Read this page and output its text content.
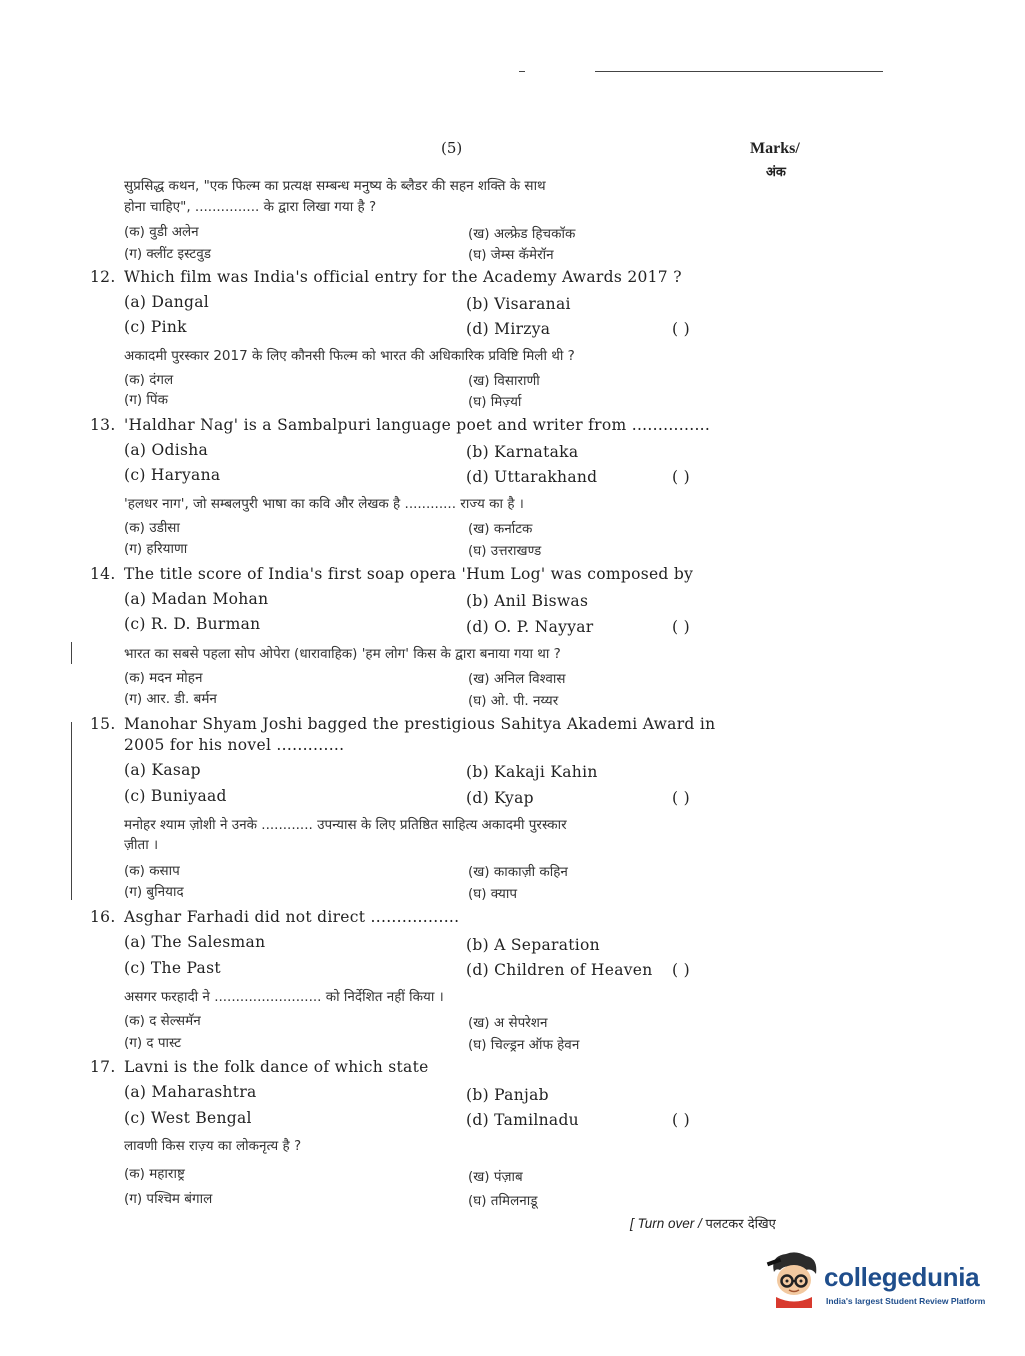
(5)	Marks/
अंक
सुप्रसिद्ध कथन, "एक फिल्म का प्रत्यक्ष सम्बन्ध मनुष्य के ब्लैडर की सहन शक्ति के साथ
होना चाहिए", ............... के द्वारा लिखा गया है ?
(क) वुडी अलेन	(ख) अल्फ्रेड हिचकॉक
(ग) क्लींट इस्टवुड	(घ) जेम्स कॅमेरॉन
12. Which film was India's official entry for the Academy Awards 2017 ?
(a) Dangal	(b) Visaranai
(c) Pink	(d) Mirzya	( )
अकादमी पुरस्कार 2017 के लिए कौनसी फिल्म को भारत की अधिकारिक प्रविष्टि मिली थी ?
(क) दंगल	(ख) विसाराणी
(ग) पिंक	(घ) मिर्ज़्या
13. 'Haldhar Nag' is a Sambalpuri language poet and writer from ...............
(a) Odisha	(b) Karnataka
(c) Haryana	(d) Uttarakhand	( )
'हलधर नाग', जो सम्बलपुरी भाषा का कवि और लेखक है ............ राज्य का है ।
(क) उडीसा	(ख) कर्नाटक
(ग) हरियाणा	(घ) उत्तराखण्ड
14. The title score of India's first soap opera 'Hum Log' was composed by
(a) Madan Mohan	(b) Anil Biswas
(c) R. D. Burman	(d) O. P. Nayyar	( )
भारत का सबसे पहला सोप ओपेरा (धारावाहिक) 'हम लोग' किस के द्वारा बनाया गया था ?
(क) मदन मोहन	(ख) अनिल विश्वास
(ग) आर. डी. बर्मन	(घ) ओ. पी. नय्यर
15. Manohar Shyam Joshi bagged the prestigious Sahitya Akademi Award in
2005 for his novel .............
(a) Kasap	(b) Kakaji Kahin
(c) Buniyaad	(d) Kyap	( )
मनोहर श्याम ज़ोशी ने उनके ............ उपन्यास के लिए प्रतिष्ठित साहित्य अकादमी पुरस्कार
ज़ीता ।
(क) कसाप	(ख) काकाज़ी कहिन
(ग) बुनियाद	(घ) क्याप
16. Asghar Farhadi did not direct .................
(a) The Salesman	(b) A Separation
(c) The Past	(d) Children of Heaven ( )
असगर फरहादी ने ......................... को निर्देशित नहीं किया ।
(क) द सेल्समॅन	(ख) अ सेपरेशन
(ग) द पास्ट	(घ) चिल्ड्रन ऑफ हेवन
17. Lavni is the folk dance of which state
(a) Maharashtra	(b) Panjab
(c) West Bengal	(d) Tamilnadu	( )
लावणी किस राज़्य का लोकनृत्य है ?
(क) महाराष्ट्र	(ख) पंज़ाब
(ग) पश्चिम बंगाल	(घ) तमिलनाडू
[ Turn over / पलटकर देखिए
collegedunia
India's largest Student Review Platform
